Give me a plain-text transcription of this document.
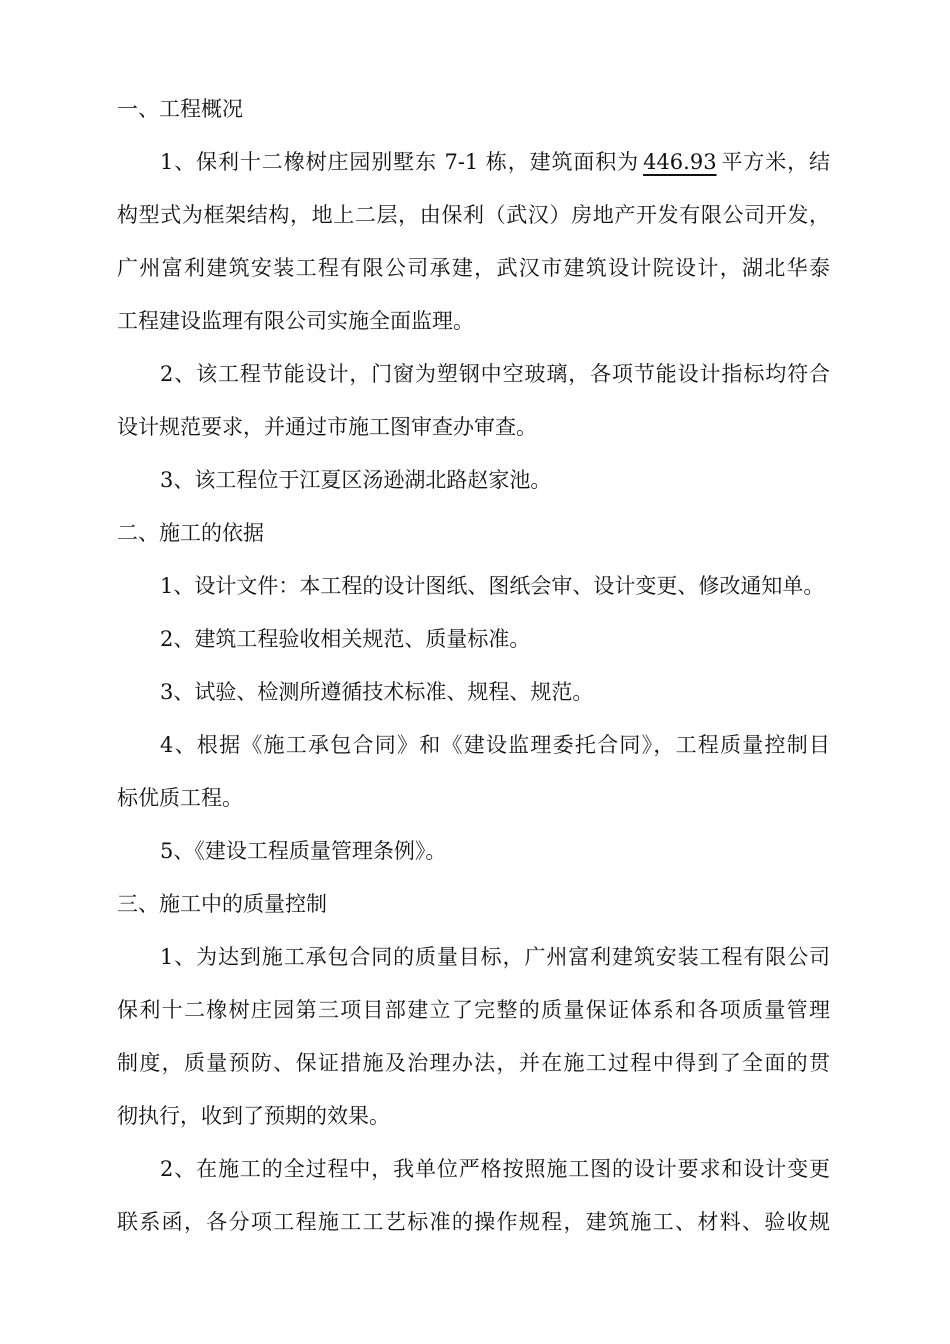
一、工程概况
1、保利十二橡树庄园别墅东 7-1 栋，建筑面积为 446.93 平方米，结
构型式为框架结构，地上二层，由保利（武汉）房地产开发有限公司开发，
广州富利建筑安装工程有限公司承建，武汉市建筑设计院设计，湖北华泰
工程建设监理有限公司实施全面监理。
2、该工程节能设计，门窗为塑钢中空玻璃，各项节能设计指标均符合
设计规范要求，并通过市施工图审查办审查。
3、该工程位于江夏区汤逊湖北路赵家池。
二、施工的依据
1、设计文件：本工程的设计图纸、图纸会审、设计变更、修改通知单。
2、建筑工程验收相关规范、质量标准。
3、试验、检测所遵循技术标准、规程、规范。
4、根据《施工承包合同》和《建设监理委托合同》，工程质量控制目
标优质工程。
5、《建设工程质量管理条例》。
三、施工中的质量控制
1、为达到施工承包合同的质量目标，广州富利建筑安装工程有限公司
保利十二橡树庄园第三项目部建立了完整的质量保证体系和各项质量管理
制度，质量预防、保证措施及治理办法，并在施工过程中得到了全面的贯
彻执行，收到了预期的效果。
2、在施工的全过程中，我单位严格按照施工图的设计要求和设计变更
联系函，各分项工程施工工艺标准的操作规程，建筑施工、材料、验收规
